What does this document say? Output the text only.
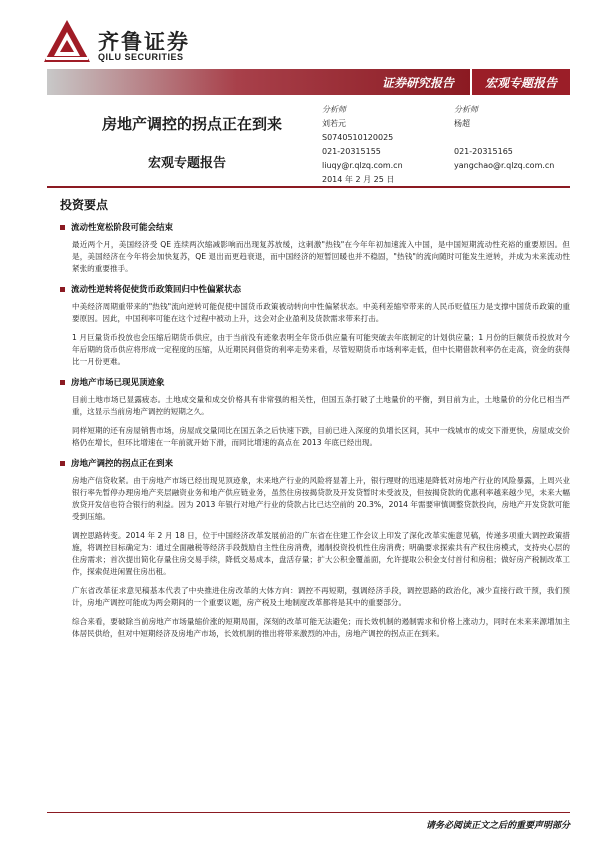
齐鲁证券
QILU SECURITIES
证券研究报告	宏观专题报告
房地产调控的拐点正在到来
宏观专题报告
分析师
刘若元
S0740510120025
021-20315155
liuqy@r.qlzq.com.cn
2014 年 2 月 25 日
分析师
杨超

021-20315165
yangchao@r.qlzq.com.cn
投资要点
流动性宽松阶段可能会结束

最近两个月，美国经济受 QE 连续两次缩减影响而出现复苏放缓，这刺激"热钱"在今年年初加速流入中国，是中国短期流动性充裕的重要原因。但是，美国经济在今年将会加快复苏，QE 退出而更趋衰退，而中国经济的短暂回暖也并不稳固，"热钱"的流向随时可能发生逆转，并成为未来流动性紧张的重要推手。

流动性逆转将促使货币政策回归中性偏紧状态

中美经济周期重带来的"热钱"流向逆转可能促使中国货币政策被动转向中性偏紧状态。中美利差缩窄带来的人民币贬值压力是支撑中国货币政策的重要原因。因此，中国利率可能在这个过程中被动上升，这会对企业盈利及货款需求带来打击。

1 月巨量货币投放也会压缩后期货币供应，由于当前没有迹象表明全年货币供应量有可能突破去年底制定的计划供应量；1 月份的巨额货币投放对今年后期的货币供应将形成一定程度的压缩，从近期民间借贷的利率走势来看，尽管短期货币市场利率走低，但中长期借款利率仍在走高，资金的获得比一月份更难。

房地产市场已现见顶迹象

目前土地市场已显露疲态。土地成交量和成交价格具有非常强的相关性，但国五条打破了土地量价的平衡，到目前为止，土地量价的分化已相当严重，这显示当前房地产调控的短期之久。

同样短期的还有房屋销售市场，房屋成交量同比在国五条之后快速下跌，目前已进入深度的负增长区间，其中一线城市的成交下滑更快，房屋成交价格仍在增长，但环比增速在一年前就开始下滑，而同比增速的高点在 2013 年底已经出现。

房地产调控的拐点正在到来

房地产信贷收紧。由于房地产市场已经出现见顶迹象，未来地产行业的风险将显著上升，银行理财的迅速是降低对房地产行业的风险暴露，上周兴业银行率先暂停办理房地产夹层融资业务和地产供应链业务，虽然住房按揭贷款及开发贷暂时未受波及，但按揭贷款的优惠利率越来越少见，未来大幅放贷开发信也符合银行的利益。因为 2013 年银行对地产行业的贷款占比已达空前的 20.3%，2014 年需要审慎调整贷款投向，房地产开发贷款可能受到压缩。

调控思路转变。2014 年 2 月 18 日，位于中国经济改革发展前沿的广东省在住建工作会议上印发了深化改革实施意见稿，传递多项重大调控政策措施，将调控目标确定为：通过全面融税等经济手段鼓励自主性住房消费，遏制投资投机性住房消费；明确要求探索共有产权住房模式，支持央心层的住房需求；首次提出简化存量住房交易手续，降低交易成本，盘活存量；扩大公积金覆盖面，允许提取公积金支付首付和房租；做好房产税制改革工作，探索促进闲置住房出租。

广东省改革征求意见稿基本代表了中央推进住房改革的大体方向：调控不再短期，强调经济手段，调控思路的政治化，减少直接行政干预，我们预计，房地产调控可能成为两会期间的一个重要议题，房产税及土地制度改革都将是其中的重要部分。

综合来看，要破除当前房地产市场量缩价涨的短期局面，深刻的改革可能无法避免；而长效机制的遏制需求和价格上涨动力，同时在未来来源增加主体居民供给，但对中短期经济及房地产市场，长效机制的推出将带来激烈的冲击，房地产调控的拐点正在到来。

请务必阅读正文之后的重要声明部分
